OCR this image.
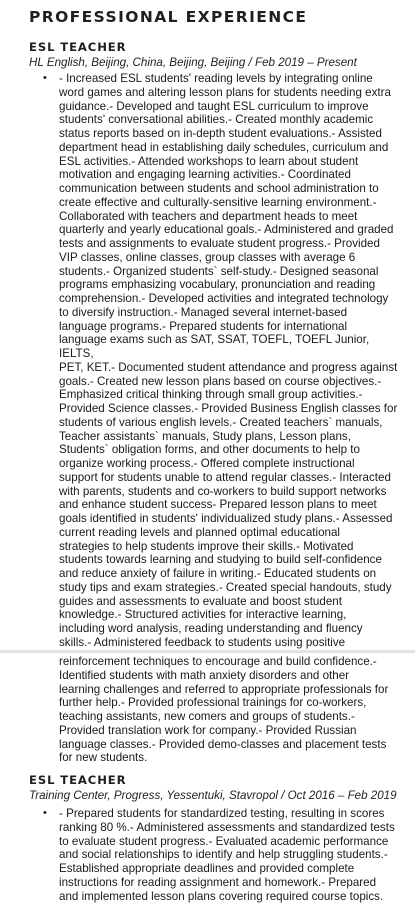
PROFESSIONAL EXPERIENCE

ESL TEACHER

HL English, Beijing, China, Beijing, Beijing / Feb 2019 – Present

• - Increased ESL students' reading levels by integrating online
word games and altering lesson plans for students needing extra
guidance.- Developed and taught ESL curriculum to improve
students' conversational abilities.- Created monthly academic
status reports based on in-depth student evaluations.- Assisted
department head in establishing daily schedules, curriculum and
ESL activities.- Attended workshops to learn about student
motivation and engaging learning activities.- Coordinated
communication between students and school administration to
create effective and culturally-sensitive learning environment.-
Collaborated with teachers and department heads to meet
quarterly and yearly educational goals.- Administered and graded
tests and assignments to evaluate student progress.- Provided
VIP classes, online classes, group classes with average 6
students.- Organized students` self-study.- Designed seasonal
programs emphasizing vocabulary, pronunciation and reading
comprehension.- Developed activities and integrated technology
to diversify instruction.- Managed several internet-based
language programs.- Prepared students for international
language exams such as SAT, SSAT, TOEFL, TOEFL Junior, IELTS,
PET, KET.- Documented student attendance and progress against
goals.- Created new lesson plans based on course objectives.-
Emphasized critical thinking through small group activities.-
Provided Science classes.- Provided Business English classes for
students of various english levels.- Created teachers` manuals,
Teacher assistants` manuals, Study plans, Lesson plans,
Students` obligation forms, and other documents to help to
organize working process.- Offered complete instructional
support for students unable to attend regular classes.- Interacted
with parents, students and co-workers to build support networks
and enhance student success- Prepared lesson plans to meet
goals identified in students' individualized study plans.- Assessed
current reading levels and planned optimal educational
strategies to help students improve their skills.- Motivated
students towards learning and studying to build self-confidence
and reduce anxiety of failure in writing.- Educated students on
study tips and exam strategies.- Created special handouts, study
guides and assessments to evaluate and boost student
knowledge.- Structured activities for interactive learning,
including word analysis, reading understanding and fluency
skills.- Administered feedback to students using positive

reinforcement techniques to encourage and build confidence.-
Identified students with math anxiety disorders and other
learning challenges and referred to appropriate professionals for
further help.- Provided professional trainings for co-workers,
teaching assistants, new comers and groups of students.-
Provided translation work for company.- Provided Russian
language classes.- Provided demo-classes and placement tests
for new students.

ESL TEACHER

Training Center, Progress, Yessentuki, Stavropol / Oct 2016 – Feb 2019

• - Prepared students for standardized testing, resulting in scores
ranking 80 %.- Administered assessments and standardized tests
to evaluate student progress.- Evaluated academic performance
and social relationships to identify and help struggling students.-
Established appropriate deadlines and provided complete
instructions for reading assignment and homework.- Prepared
and implemented lesson plans covering required course topics.
